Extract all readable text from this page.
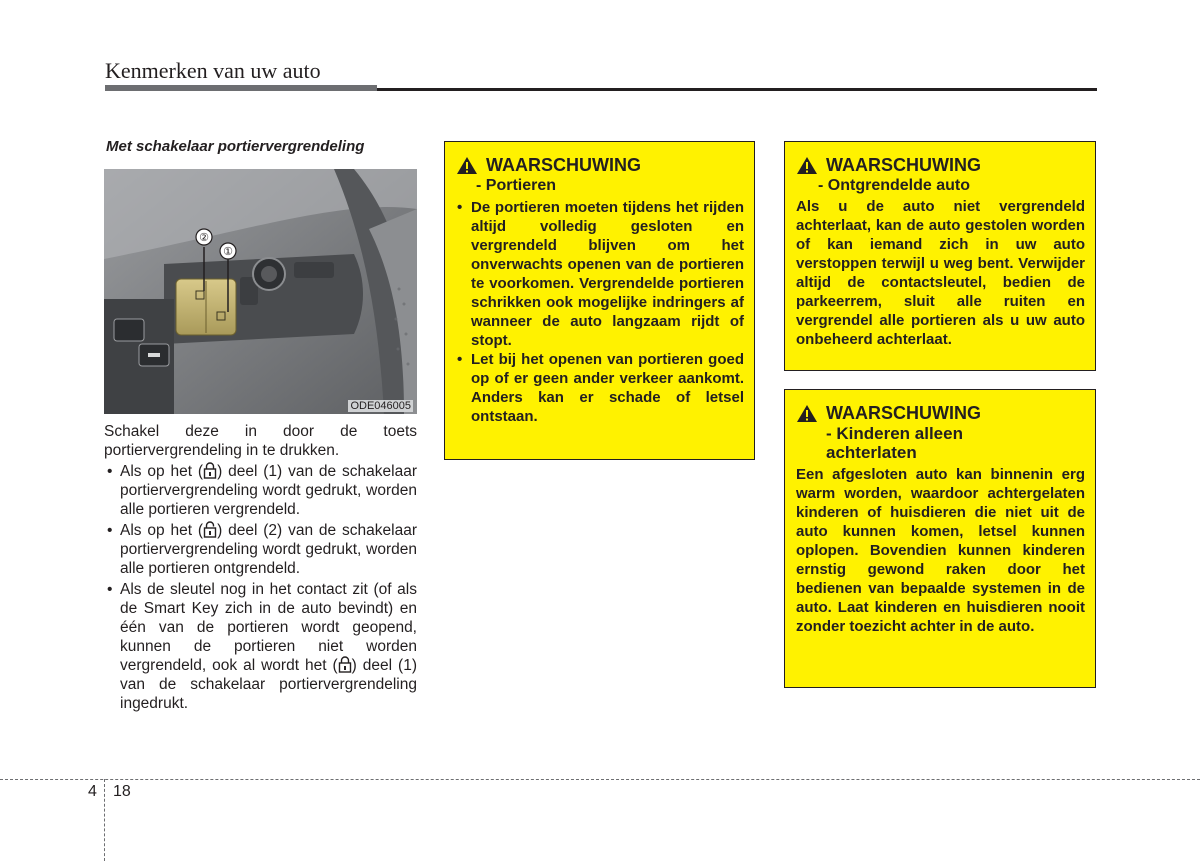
Kenmerken van uw auto
Met schakelaar portiervergrendeling
②
①
ODE046005

Schakel deze in door de toets portiervergrendeling in te drukken.

• Als op het ( ) deel (1) van de schakelaar portiervergrendeling wordt gedrukt, worden alle portieren vergrendeld.
• Als op het ( ) deel (2) van de schakelaar portiervergrendeling wordt gedrukt, worden alle portieren ontgrendeld.
• Als de sleutel nog in het contact zit (of als de Smart Key zich in de auto bevindt) en één van de portieren wordt geopend, kunnen de portieren niet worden vergrendeld, ook al wordt het ( ) deel (1) van de schakelaar portiervergrendeling ingedrukt.
WAARSCHUWING
- Portieren
• De portieren moeten tijdens het rijden altijd volledig gesloten en vergrendeld blijven om het onverwachts openen van de portieren te voorkomen. Vergrendelde portieren schrikken ook mogelijke indringers af wanneer de auto langzaam rijdt of stopt.
• Let bij het openen van portieren goed op of er geen ander verkeer aankomt. Anders kan er schade of letsel ontstaan.
WAARSCHUWING
- Ontgrendelde auto
Als u de auto niet vergrendeld achterlaat, kan de auto gestolen worden of kan iemand zich in uw auto verstoppen terwijl u weg bent. Verwijder altijd de contactsleutel, bedien de parkeerrem, sluit alle ruiten en vergrendel alle portieren als u uw auto onbeheerd achterlaat.
WAARSCHUWING
- Kinderen alleen achterlaten
Een afgesloten auto kan binnenin erg warm worden, waardoor achtergelaten kinderen of huisdieren die niet uit de auto kunnen komen, letsel kunnen oplopen. Bovendien kunnen kinderen ernstig gewond raken door het bedienen van bepaalde systemen in de auto. Laat kinderen en huisdieren nooit zonder toezicht achter in de auto.
4 18
